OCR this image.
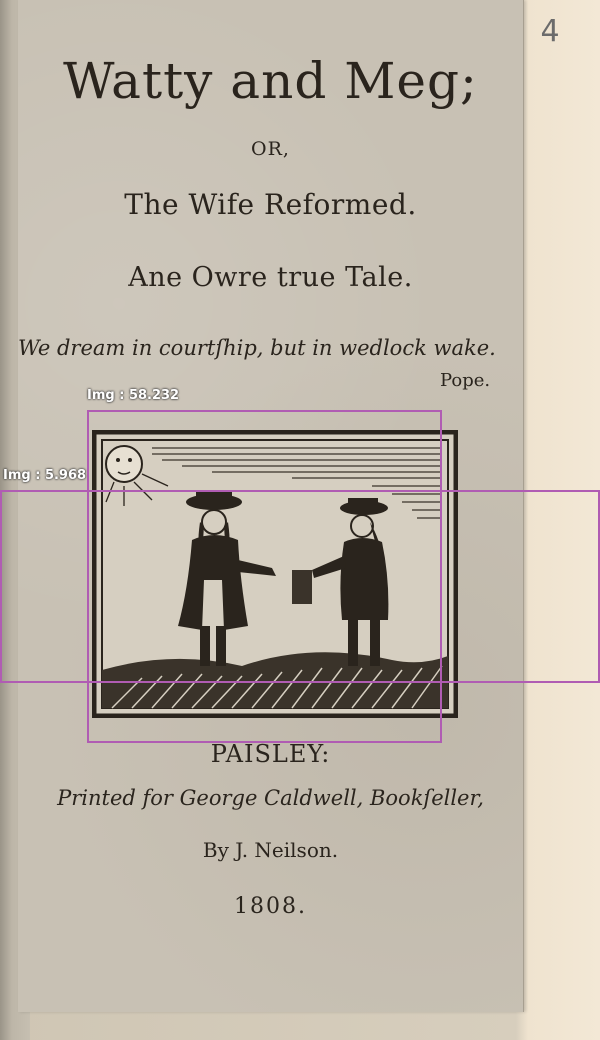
4
Watty and Meg;
OR,
The Wife Reformed.
Ane Owre true Tale.
We dream in courtſhip, but in wedlock wake.
Pope.
PAISLEY:
Printed for George Caldwell, Bookſeller,
By J. Neilson.
1808.
Img : 58.232
Img : 5.968
